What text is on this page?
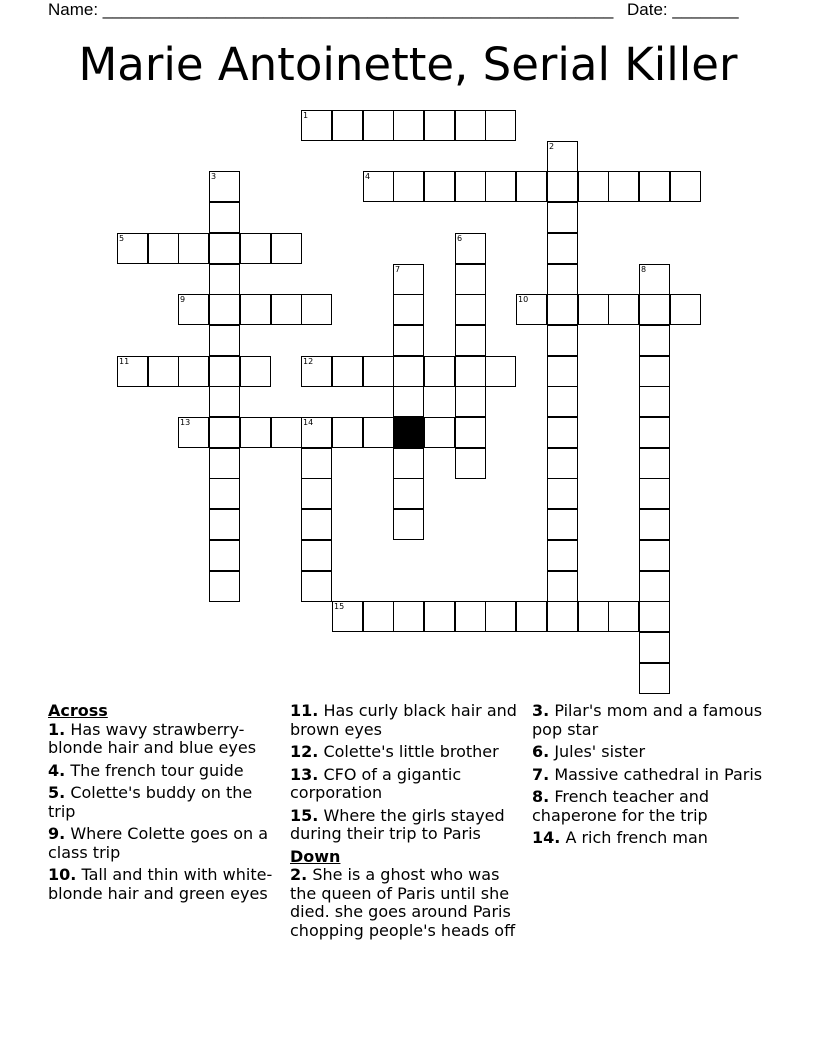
Name: ______________________________________________________ Date: _______
Marie Antoinette, Serial Killer
1
2
3	4
5	6
7	8
9	10
11	12
13	14
15
Across
1. Has wavy strawberry-blonde hair and blue eyes
4. The french tour guide
5. Colette's buddy on the trip
9. Where Colette goes on a class trip
10. Tall and thin with white-blonde hair and green eyes
11. Has curly black hair and brown eyes
12. Colette's little brother
13. CFO of a gigantic corporation
15. Where the girls stayed during their trip to Paris
Down
2. She is a ghost who was the queen of Paris until she died. she goes around Paris chopping people's heads off
3. Pilar's mom and a famous pop star
6. Jules' sister
7. Massive cathedral in Paris
8. French teacher and chaperone for the trip
14. A rich french man
